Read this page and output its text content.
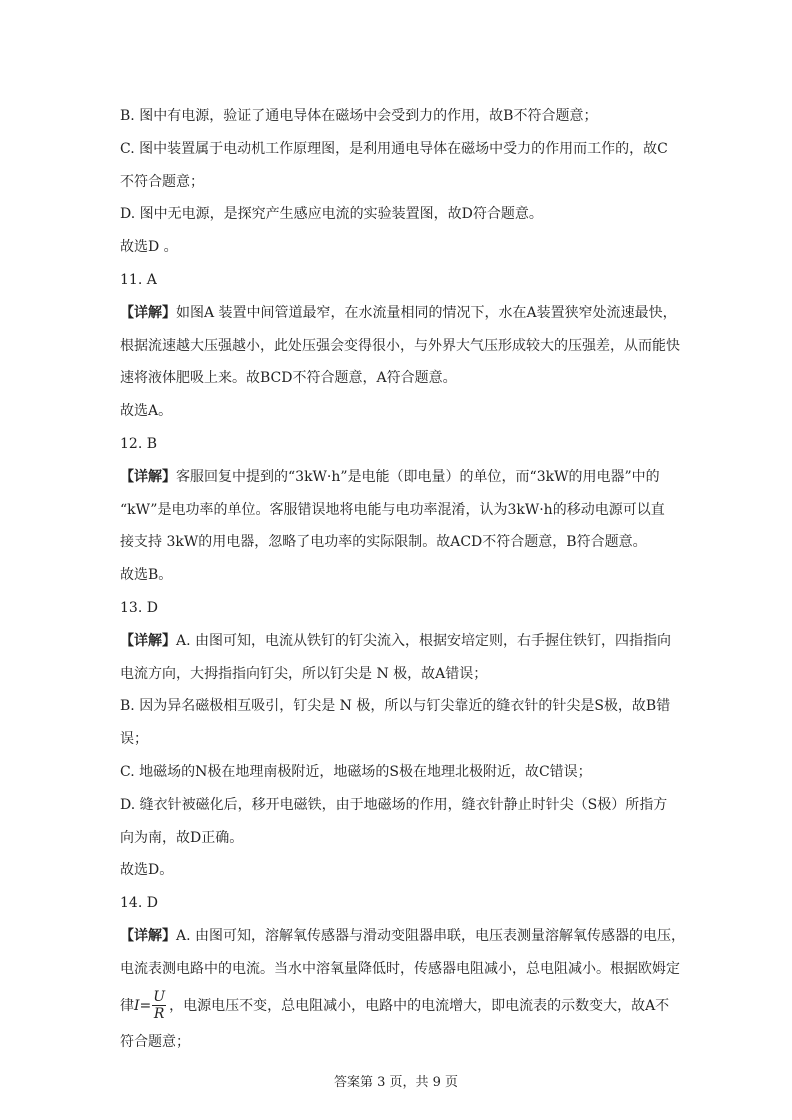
B. 图中有电源，验证了通电导体在磁场中会受到力的作用，故B不符合题意；
C. 图中装置属于电动机工作原理图，是利用通电导体在磁场中受力的作用而工作的，故C
不符合题意；
D. 图中无电源，是探究产生感应电流的实验装置图，故D符合题意。
故选D 。
11. A
【详解】如图A 装置中间管道最窄，在水流量相同的情况下，水在A装置狭窄处流速最快，
根据流速越大压强越小，此处压强会变得很小，与外界大气压形成较大的压强差，从而能快
速将液体肥吸上来。故BCD不符合题意，A符合题意。
故选A。
12. B
【详解】客服回复中提到的“3kW·h”是电能（即电量）的单位，而“3kW的用电器”中的
“kW”是电功率的单位。客服错误地将电能与电功率混淆，认为3kW·h的移动电源可以直
接支持 3kW的用电器，忽略了电功率的实际限制。故ACD不符合题意，B符合题意。
故选B。
13. D
【详解】A. 由图可知，电流从铁钉的钉尖流入，根据安培定则，右手握住铁钉，四指指向
电流方向，大拇指指向钉尖，所以钉尖是 N 极，故A错误；
B. 因为异名磁极相互吸引，钉尖是 N 极，所以与钉尖靠近的缝衣针的针尖是S极，故B错
误；
C. 地磁场的N极在地理南极附近，地磁场的S极在地理北极附近，故C错误；
D. 缝衣针被磁化后，移开电磁铁，由于地磁场的作用，缝衣针静止时针尖（S极）所指方
向为南，故D正确。
故选D。
14. D
【详解】A. 由图可知，溶解氧传感器与滑动变阻器串联，电压表测量溶解氧传感器的电压，
电流表测电路中的电流。当水中溶氧量降低时，传感器电阻减小，总电阻减小。根据欧姆定
律$I= \frac{U}{R}$ ，电源电压不变，总电阻减小，电路中的电流增大，即电流表的示数变大，故A不
符合题意；
答案第 3 页，共 9 页
